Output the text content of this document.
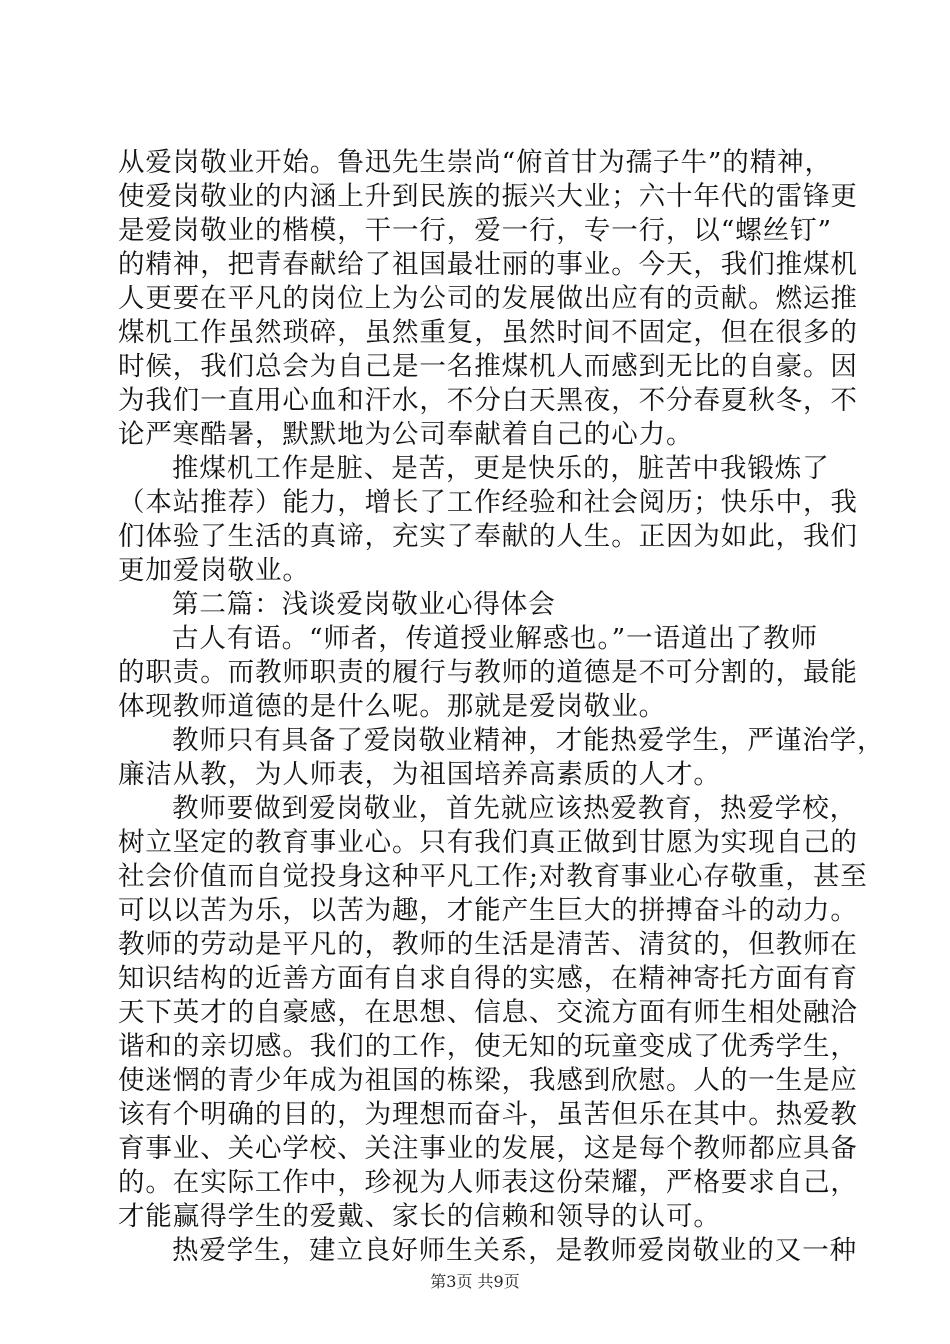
从爱岗敬业开始。鲁迅先生崇尚“俯首甘为孺子牛”的精神，

使爱岗敬业的内涵上升到民族的振兴大业；六十年代的雷锋更

是爱岗敬业的楷模，干一行，爱一行，专一行，以“螺丝钉”

的精神，把青春献给了祖国最壮丽的事业。今天，我们推煤机

人更要在平凡的岗位上为公司的发展做出应有的贡献。燃运推

煤机工作虽然琐碎，虽然重复，虽然时间不固定，但在很多的

时候，我们总会为自己是一名推煤机人而感到无比的自豪。因

为我们一直用心血和汗水，不分白天黑夜，不分春夏秋冬，不

论严寒酷暑，默默地为公司奉献着自己的心力。

推煤机工作是脏、是苦，更是快乐的，脏苦中我锻炼了

（本站推荐）能力，增长了工作经验和社会阅历；快乐中，我

们体验了生活的真谛，充实了奉献的人生。正因为如此，我们

更加爱岗敬业。

第二篇：浅谈爱岗敬业心得体会

古人有语。“师者，传道授业解惑也。”一语道出了教师

的职责。而教师职责的履行与教师的道德是不可分割的，最能

体现教师道德的是什么呢。那就是爱岗敬业。

教师只有具备了爱岗敬业精神，才能热爱学生，严谨治学，

廉洁从教，为人师表，为祖国培养高素质的人才。

教师要做到爱岗敬业，首先就应该热爱教育，热爱学校，

树立坚定的教育事业心。只有我们真正做到甘愿为实现自己的

社会价值而自觉投身这种平凡工作;对教育事业心存敬重，甚至

可以以苦为乐，以苦为趣，才能产生巨大的拼搏奋斗的动力。

教师的劳动是平凡的，教师的生活是清苦、清贫的，但教师在

知识结构的近善方面有自求自得的实感，在精神寄托方面有育

天下英才的自豪感，在思想、信息、交流方面有师生相处融洽

谐和的亲切感。我们的工作，使无知的玩童变成了优秀学生，

使迷惘的青少年成为祖国的栋梁，我感到欣慰。人的一生是应

该有个明确的目的，为理想而奋斗，虽苦但乐在其中。热爱教

育事业、关心学校、关注事业的发展，这是每个教师都应具备

的。在实际工作中，珍视为人师表这份荣耀，严格要求自己，

才能赢得学生的爱戴、家长的信赖和领导的认可。

热爱学生，建立良好师生关系，是教师爱岗敬业的又一种

第3页 共9页
